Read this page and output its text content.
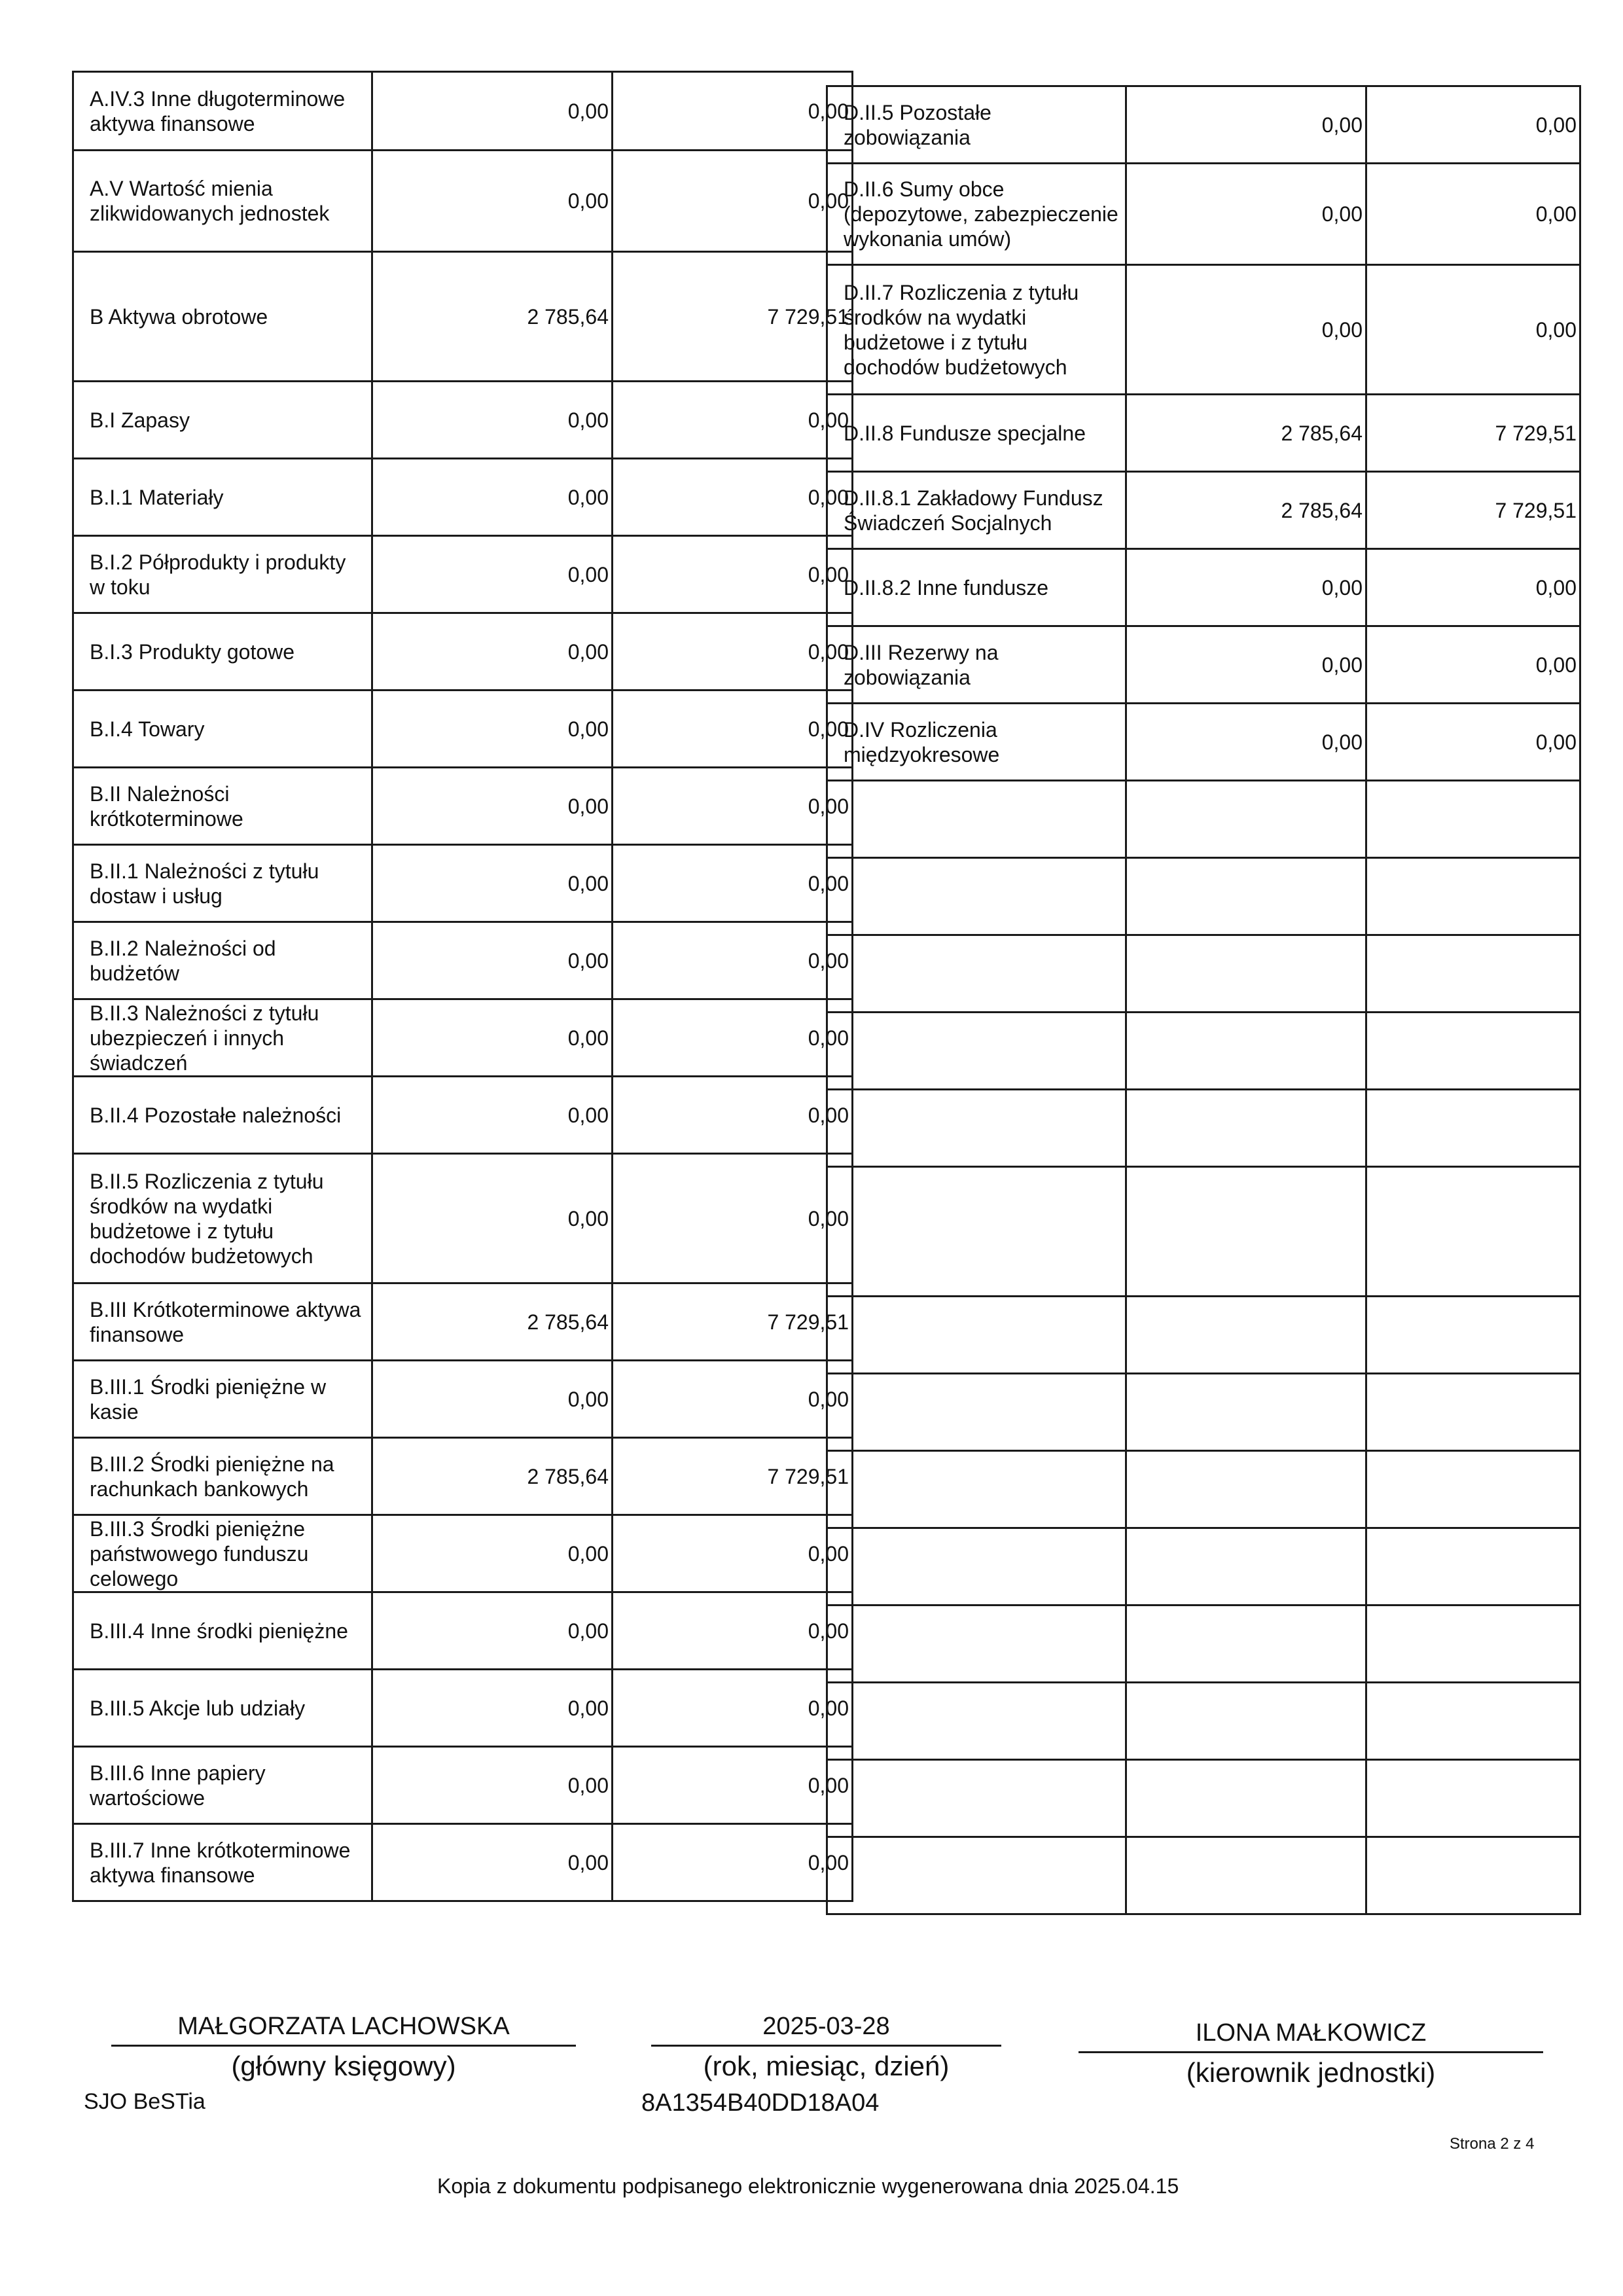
A.IV.3 Inne długoterminowe aktywa finansowe	0,00	0,00
A.V Wartość mienia zlikwidowanych jednostek	0,00	0,00
B Aktywa obrotowe	2 785,64	7 729,51
B.I Zapasy	0,00	0,00
B.I.1 Materiały	0,00	0,00
B.I.2 Półprodukty i produkty w toku	0,00	0,00
B.I.3 Produkty gotowe	0,00	0,00
B.I.4 Towary	0,00	0,00
B.II Należności krótkoterminowe	0,00	0,00
B.II.1 Należności z tytułu dostaw i usług	0,00	0,00
B.II.2 Należności od budżetów	0,00	0,00
B.II.3 Należności z tytułu ubezpieczeń i innych świadczeń	0,00	0,00
B.II.4 Pozostałe należności	0,00	0,00
B.II.5 Rozliczenia z tytułu środków na wydatki budżetowe i z tytułu dochodów budżetowych	0,00	0,00
B.III Krótkoterminowe aktywa finansowe	2 785,64	7 729,51
B.III.1 Środki pieniężne w kasie	0,00	0,00
B.III.2 Środki pieniężne na rachunkach bankowych	2 785,64	7 729,51
B.III.3 Środki pieniężne państwowego funduszu celowego	0,00	0,00
B.III.4 Inne środki pieniężne	0,00	0,00
B.III.5 Akcje lub udziały	0,00	0,00
B.III.6 Inne papiery wartościowe	0,00	0,00
B.III.7 Inne krótkoterminowe aktywa finansowe	0,00	0,00
D.II.5 Pozostałe zobowiązania	0,00	0,00
D.II.6 Sumy obce (depozytowe, zabezpieczenie wykonania umów)	0,00	0,00
D.II.7 Rozliczenia z tytułu środków na wydatki budżetowe i z tytułu dochodów budżetowych	0,00	0,00
D.II.8 Fundusze specjalne	2 785,64	7 729,51
D.II.8.1 Zakładowy Fundusz Świadczeń Socjalnych	2 785,64	7 729,51
D.II.8.2 Inne fundusze	0,00	0,00
D.III Rezerwy na zobowiązania	0,00	0,00
D.IV Rozliczenia międzyokresowe	0,00	0,00

MAŁGORZATA LACHOWSKA
(główny księgowy)
2025-03-28
(rok, miesiąc, dzień)
ILONA MAŁKOWICZ
(kierownik jednostki)
SJO BeSTia	8A1354B40DD18A04
Strona 2 z 4
Kopia z dokumentu podpisanego elektronicznie wygenerowana dnia 2025.04.15
